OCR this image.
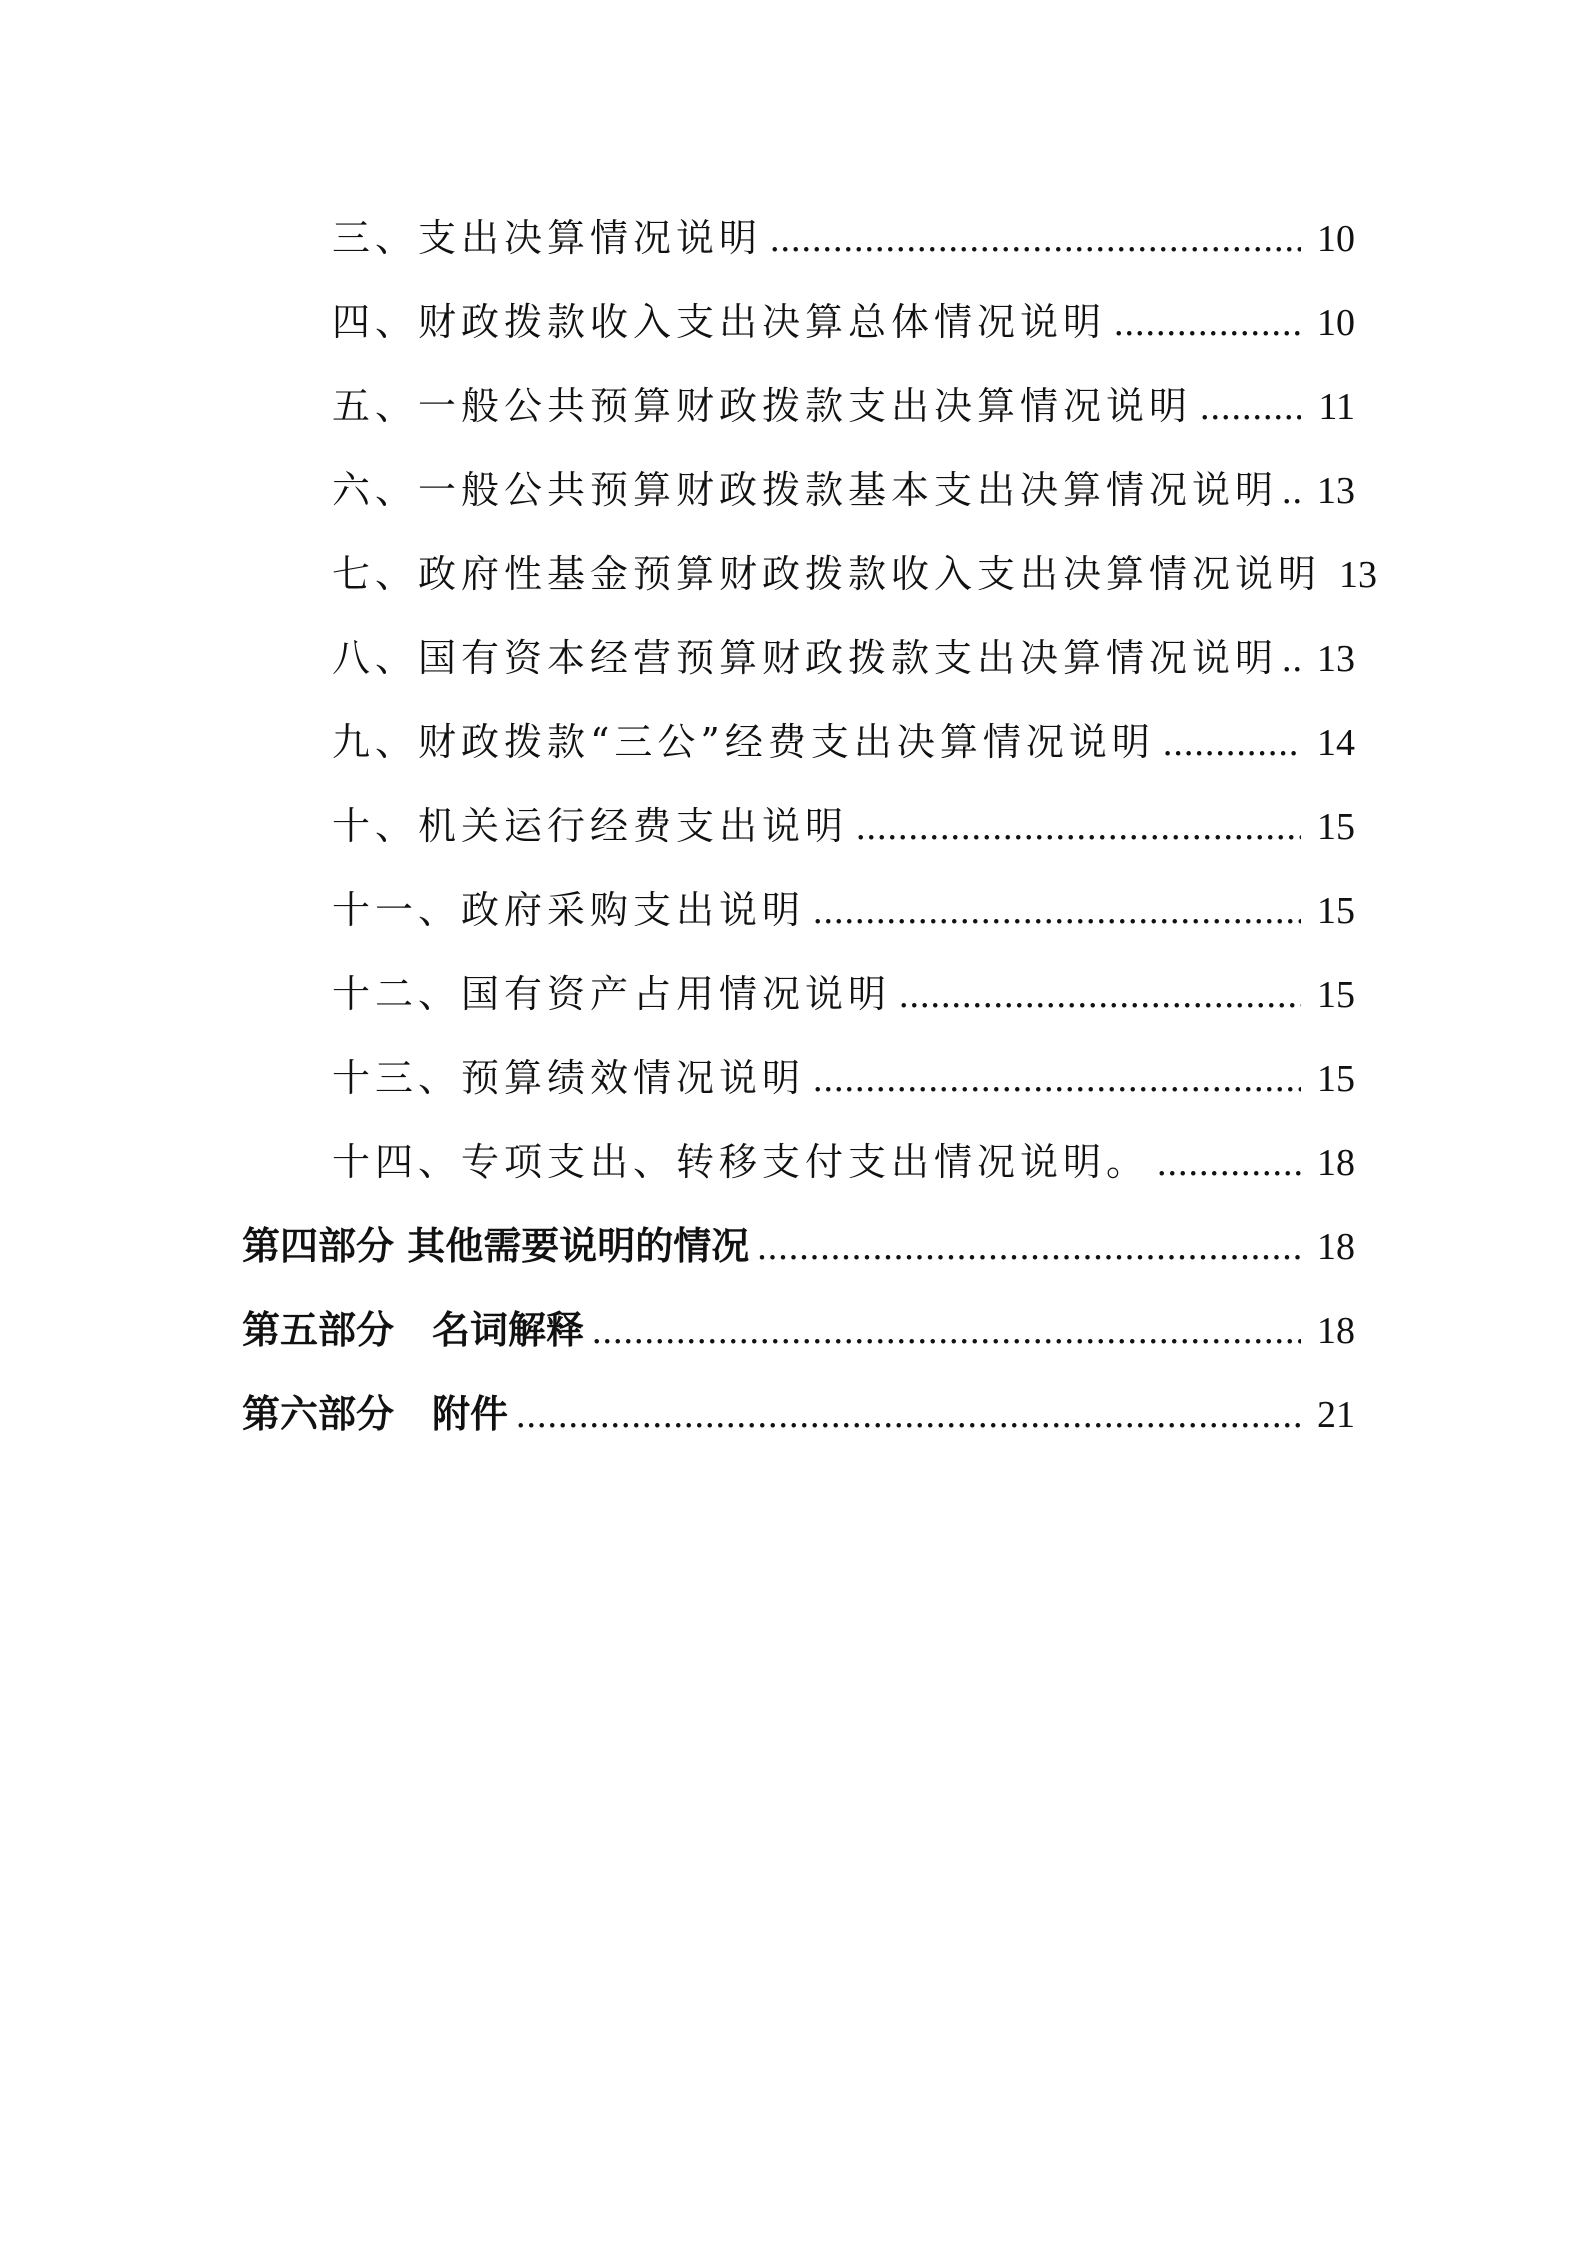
三、支出决算情况说明 .....	10
四、财政拨款收入支出决算总体情况说明 .....	10
五、一般公共预算财政拨款支出决算情况说明 .....	11
六、一般公共预算财政拨款基本支出决算情况说明 ..... 13
七、政府性基金预算财政拨款收入支出决算情况说明 13
八、国有资本经营预算财政拨款支出决算情况说明 ..... 13
九、财政拨款“三公”经费支出决算情况说明 .....	14
十、机关运行经费支出说明 .....	15
十一、政府采购支出说明 .....	15
十二、国有资产占用情况说明 .....	15
十三、预算绩效情况说明 .....	15
十四、专项支出、转移支付支出情况说明。 .....	18
第四部分 其他需要说明的情况 .....	18
第五部分　名词解释 .....	18
第六部分　附件 .....	21
